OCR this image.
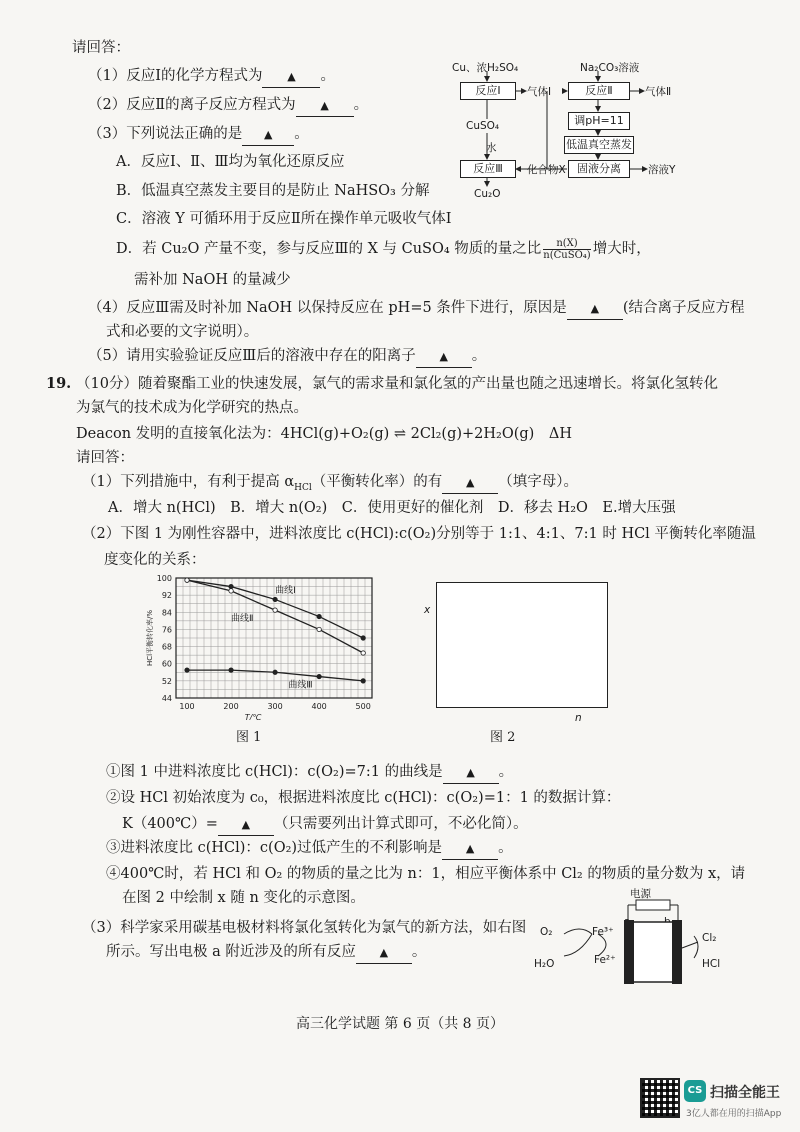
请回答：
（1）反应Ⅰ的化学方程式为 ▲ 。
（2）反应Ⅱ的离子反应方程式为 ▲ 。
（3）下列说法正确的是 ▲ 。
A．反应Ⅰ、Ⅱ、Ⅲ均为氧化还原反应
B．低温真空蒸发主要目的是防止 NaHSO₃ 分解
C．溶液 Y 可循环用于反应Ⅱ所在操作单元吸收气体Ⅰ
D．若 Cu₂O 产量不变，参与反应Ⅲ的 X 与 CuSO₄ 物质的量之比 $\frac{n(X)}{\text{n(CuSO₄)}}$ 增大时，
需补加 NaOH 的量减少
（4）反应Ⅲ需及时补加 NaOH 以保持反应在 pH=5 条件下进行，原因是 ▲ (结合离子反应方程
式和必要的文字说明）。
（5）请用实验验证反应Ⅲ后的溶液中存在的阳离子 ▲ 。
Cu、浓H₂SO₄	Na₂CO₃溶液
反应Ⅰ	反应Ⅱ
气体Ⅰ	气体Ⅱ
调pH=11
低温真空蒸发
固液分离
CuSO₄
水
反应Ⅲ	化合物X	溶液Y
Cu₂O
19. （10分）随着聚酯工业的快速发展，氯气的需求量和氯化氢的产出量也随之迅速增长。将氯化氢转化
为氯气的技术成为化学研究的热点。
Deacon 发明的直接氧化法为：4HCl(g)+O₂(g) ⇌ 2Cl₂(g)+2H₂O(g)　ΔH
请回答：
（1）下列措施中，有利于提高 $\alpha_{HCl}$（平衡转化率）的有 ▲ （填字母）。
A．增大 n(HCl)　B．增大 n(O₂)　C．使用更好的催化剂　D．移去 H₂O　E.增大压强
（2）下图 1 为刚性容器中，进料浓度比 c(HCl):c(O₂)分别等于 1:1、4:1、7:1 时 HCl 平衡转化率随温
度变化的关系：
44
52
60
68
76
84
92
100
100	200	300	400	500
T/℃
HCl平衡转化率/%
曲线Ⅰ
曲线Ⅱ
曲线Ⅲ
图 1
x
n
图 2
①图 1 中进料浓度比 c(HCl)：c(O₂)=7:1 的曲线是 ▲ 。
②设 HCl 初始浓度为 c₀，根据进料浓度比 c(HCl)：c(O₂)=1：1 的数据计算：
K（400℃）= ▲ （只需要列出计算式即可，不必化简）。
③进料浓度比 c(HCl)：c(O₂)过低产生的不利影响是 ▲ 。
④400℃时，若 HCl 和 O₂ 的物质的量之比为 n：1，相应平衡体系中 Cl₂ 的物质的量分数为 x，请
在图 2 中绘制 x 随 n 变化的示意图。
（3）科学家采用碳基电极材料将氯化氢转化为氯气的新方法，如右图
所示。写出电极 a 附近涉及的所有反应 ▲ 。
电源
O₂
H₂O
Fe³⁺
Fe²⁺
Cl₂
HCl
高三化学试题 第 6 页（共 8 页）
CS 扫描全能王
3亿人都在用的扫描App
